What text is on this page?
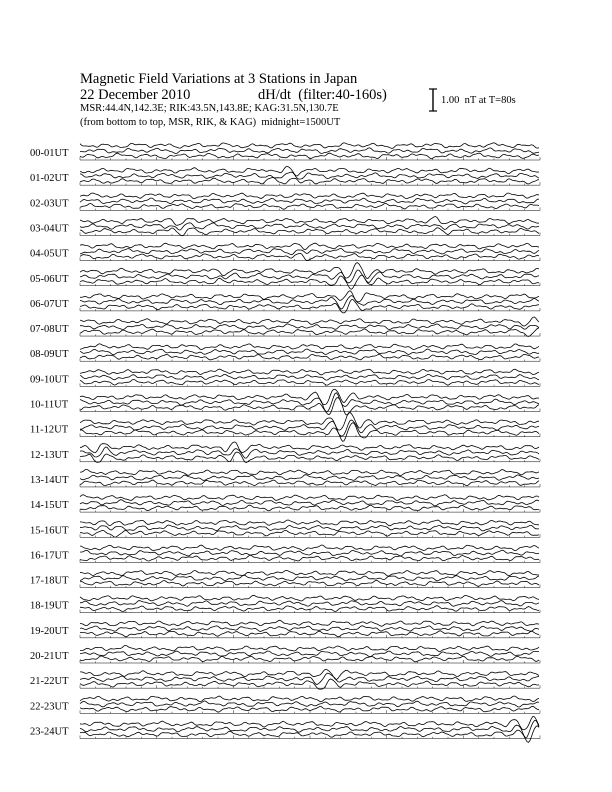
Magnetic Field Variations at 3 Stations in Japan
22 December 2010	dH/dt  (filter:40-160s)
MSR:44.4N,142.3E; RIK:43.5N,143.8E; KAG:31.5N,130.7E
(from bottom to top, MSR, RIK, & KAG)  midnight=1500UT
1.00  nT at T=80s
00-01UT
01-02UT
02-03UT
03-04UT
04-05UT
05-06UT
06-07UT
07-08UT
08-09UT
09-10UT
10-11UT
11-12UT
12-13UT
13-14UT
14-15UT
15-16UT
16-17UT
17-18UT
18-19UT
19-20UT
20-21UT
21-22UT
22-23UT
23-24UT
